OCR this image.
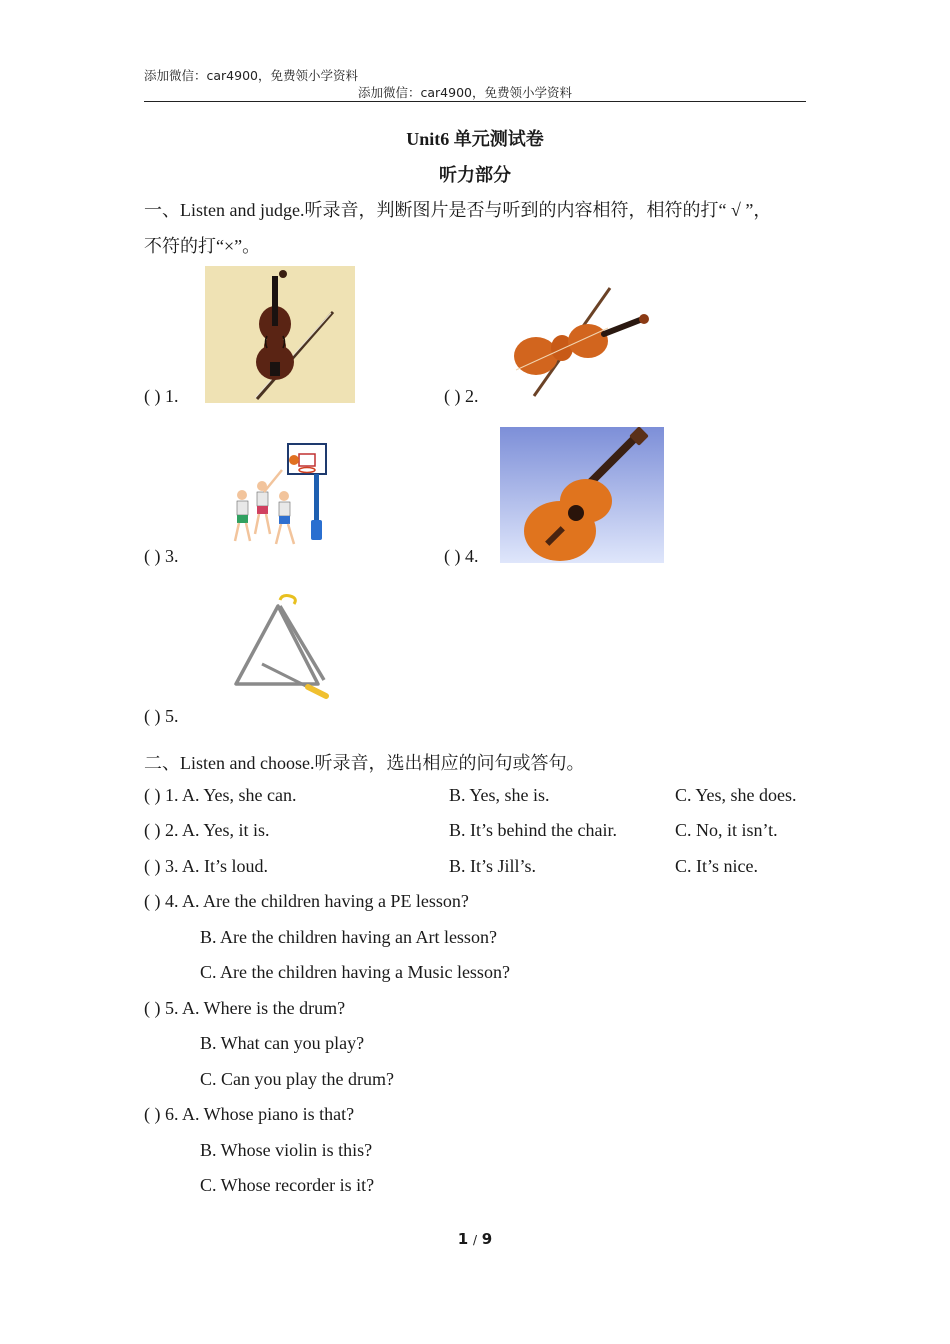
添加微信：car4900，免费领小学资料
添加微信：car4900，免费领小学资料
Unit6 单元测试卷
听力部分
一、Listen and judge.听录音，判断图片是否与听到的内容相符，相符的打“ √ ”，
不符的打“×”。
( ) 1.	( ) 2.
( ) 3.	( ) 4.
( ) 5.
二、Listen and choose.听录音，选出相应的问句或答句。
( ) 1. A. Yes, she can.	B. Yes, she is.	C. Yes, she does.
( ) 2. A. Yes, it is.	B. It’s behind the chair.	C. No, it isn’t.
( ) 3. A. It’s loud.	B. It’s Jill’s.	C. It’s nice.
( ) 4. A. Are the children having a PE lesson?
B. Are the children having an Art lesson?
C. Are the children having a Music lesson?
( ) 5. A. Where is the drum?
B. What can you play?
C. Can you play the drum?
( ) 6. A. Whose piano is that?
B. Whose violin is this?
C. Whose recorder is it?
1 / 9
